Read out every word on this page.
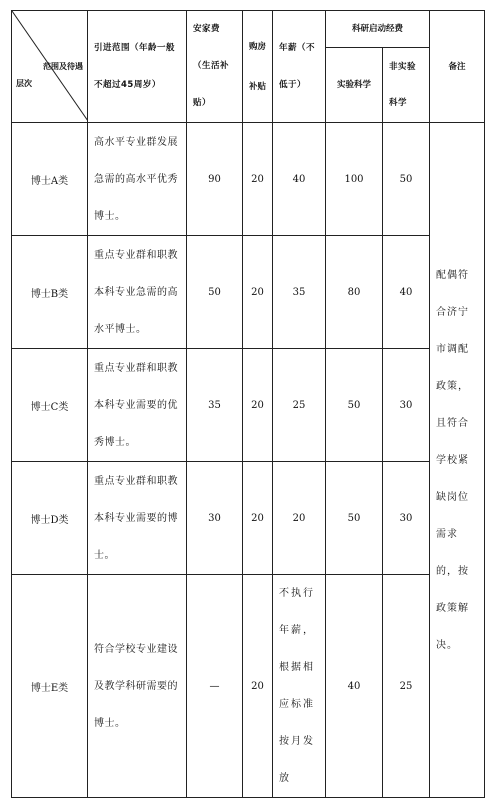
范围及待遇
层次	引进范围（年龄一般不超过45周岁）	安家费（生活补贴）	购房补贴	年薪（不低于）	科研启动经费		备注
					实验科学	非实验科学	
博士A类	高水平专业群发展急需的高水平优秀博士。	90	20	40	100	50	配偶符合济宁市调配政策，且符合学校紧缺岗位需求的，按政策解决。
博士B类	重点专业群和职教本科专业急需的高水平博士。	50	20	35	80	40	
博士C类	重点专业群和职教本科专业需要的优秀博士。	35	20	25	50	30	
博士D类	重点专业群和职教本科专业需要的博士。	30	20	20	50	30	
博士E类	符合学校专业建设及教学科研需要的博士。	—	20	不执行年薪，根据相应标准按月发放	40	25	
